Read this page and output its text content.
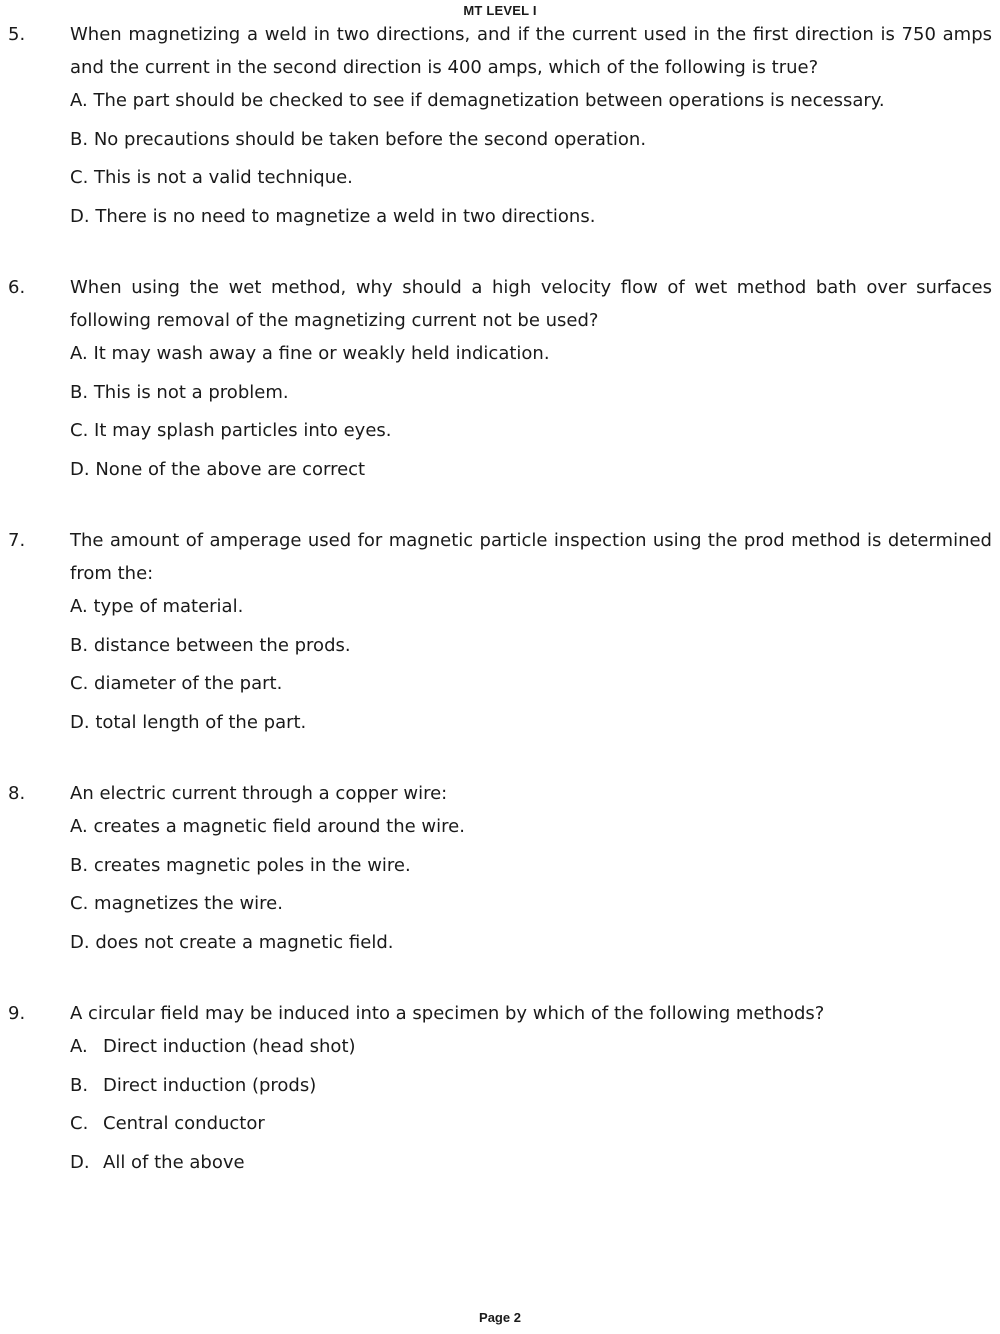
MT LEVEL I
5. When magnetizing a weld in two directions, and if the current used in the first direction is 750 amps and the current in the second direction is 400 amps, which of the following is true?
A. The part should be checked to see if demagnetization between operations is necessary.
B. No precautions should be taken before the second operation.
C. This is not a valid technique.
D. There is no need to magnetize a weld in two directions.
6. When using the wet method, why should a high velocity flow of wet method bath over surfaces following removal of the magnetizing current not be used?
A. It may wash away a fine or weakly held indication.
B. This is not a problem.
C. It may splash particles into eyes.
D. None of the above are correct
7. The amount of amperage used for magnetic particle inspection using the prod method is determined from the:
A. type of material.
B. distance between the prods.
C. diameter of the part.
D. total length of the part.
8. An electric current through a copper wire:
A. creates a magnetic field around the wire.
B. creates magnetic poles in the wire.
C. magnetizes the wire.
D. does not create a magnetic field.
9. A circular field may be induced into a specimen by which of the following methods?
A. Direct induction (head shot)
B. Direct induction (prods)
C. Central conductor
D. All of the above
Page 2
